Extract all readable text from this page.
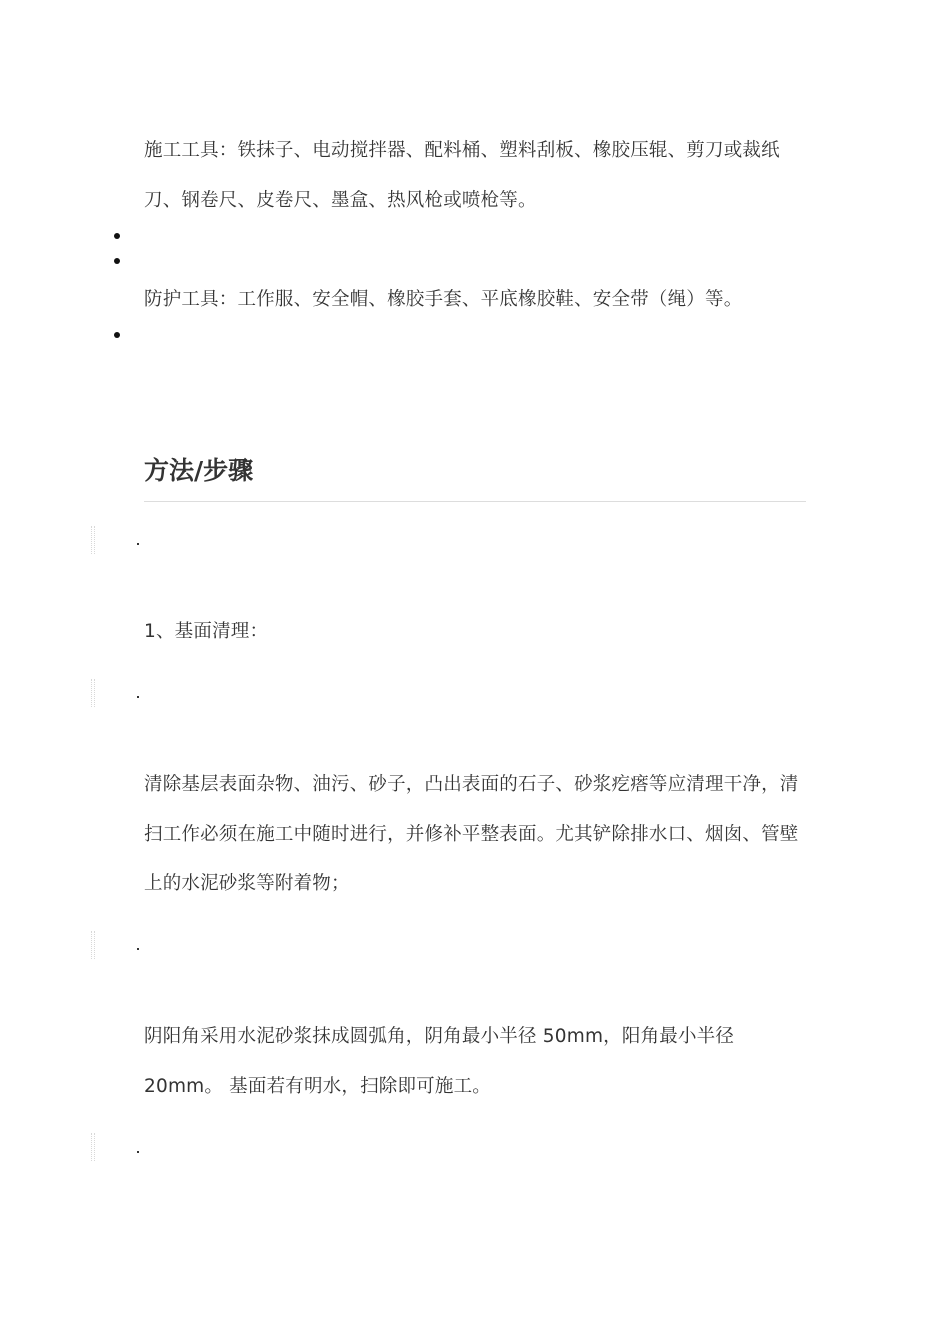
施工工具：铁抹子、电动搅拌器、配料桶、塑料刮板、橡胶压辊、剪刀或裁纸刀、钢卷尺、皮卷尺、墨盒、热风枪或喷枪等。

防护工具：工作服、安全帽、橡胶手套、平底橡胶鞋、安全带（绳）等。

方法/步骤

1、基面清理：

清除基层表面杂物、油污、砂子，凸出表面的石子、砂浆疙瘩等应清理干净，清扫工作必须在施工中随时进行，并修补平整表面。尤其铲除排水口、烟囱、管壁上的水泥砂浆等附着物；

阴阳角采用水泥砂浆抹成圆弧角，阴角最小半径 50mm，阳角最小半径 20mm。 基面若有明水，扫除即可施工。
